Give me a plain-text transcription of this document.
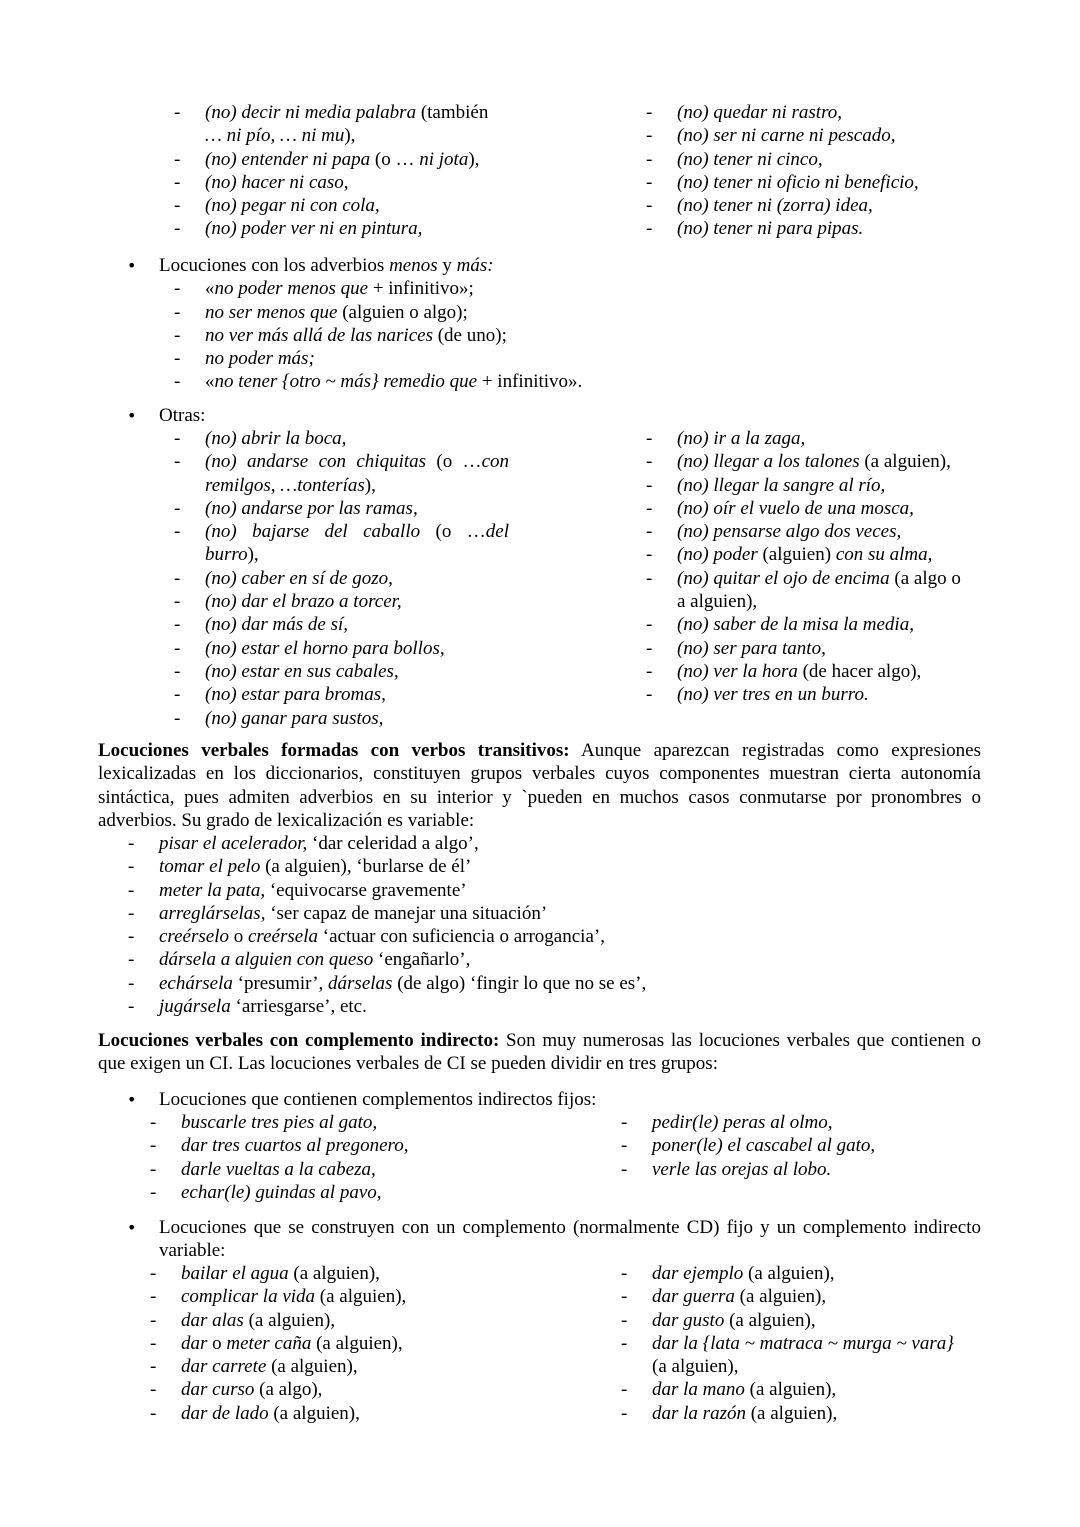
- (no) decir ni media palabra (también
… ni pío, … ni mu),
- (no) entender ni papa (o … ni jota),
- (no) hacer ni caso,
- (no) pegar ni con cola,
- (no) poder ver ni en pintura,
- (no) quedar ni rastro,
- (no) ser ni carne ni pescado,
- (no) tener ni cinco,
- (no) tener ni oficio ni beneficio,
- (no) tener ni (zorra) idea,
- (no) tener ni para pipas.
• Locuciones con los adverbios menos y más:
- «no poder menos que + infinitivo»;
- no ser menos que (alguien o algo);
- no ver más allá de las narices (de uno);
- no poder más;
- «no tener {otro ~ más} remedio que + infinitivo».
• Otras:
- (no) abrir la boca,
- (no) andarse con chiquitas (o …con
remilgos, …tonterías),
- (no) andarse por las ramas,
- (no) bajarse del caballo (o …del
burro),
- (no) caber en sí de gozo,
- (no) dar el brazo a torcer,
- (no) dar más de sí,
- (no) estar el horno para bollos,
- (no) estar en sus cabales,
- (no) estar para bromas,
- (no) ganar para sustos,
- (no) ir a la zaga,
- (no) llegar a los talones (a alguien),
- (no) llegar la sangre al río,
- (no) oír el vuelo de una mosca,
- (no) pensarse algo dos veces,
- (no) poder (alguien) con su alma,
- (no) quitar el ojo de encima (a algo o
a alguien),
- (no) saber de la misa la media,
- (no) ser para tanto,
- (no) ver la hora (de hacer algo),
- (no) ver tres en un burro.
Locuciones verbales formadas con verbos transitivos: Aunque aparezcan registradas como expresiones lexicalizadas en los diccionarios, constituyen grupos verbales cuyos componentes muestran cierta autonomía sintáctica, pues admiten adverbios en su interior y `pueden en muchos casos conmutarse por pronombres o adverbios. Su grado de lexicalización es variable:
- pisar el acelerador, ‘dar celeridad a algo’,
- tomar el pelo (a alguien), ‘burlarse de él’
- meter la pata, ‘equivocarse gravemente’
- arreglárselas, ‘ser capaz de manejar una situación’
- creérselo o creérsela ‘actuar con suficiencia o arrogancia’,
- dársela a alguien con queso ‘engañarlo’,
- echársela ‘presumir’, dárselas (de algo) ‘fingir lo que no se es’,
- jugársela ‘arriesgarse’, etc.
Locuciones verbales con complemento indirecto: Son muy numerosas las locuciones verbales que contienen o que exigen un CI. Las locuciones verbales de CI se pueden dividir en tres grupos:
• Locuciones que contienen complementos indirectos fijos:
- buscarle tres pies al gato,
- dar tres cuartos al pregonero,
- darle vueltas a la cabeza,
- echar(le) guindas al pavo,
- pedir(le) peras al olmo,
- poner(le) el cascabel al gato,
- verle las orejas al lobo.
• Locuciones que se construyen con un complemento (normalmente CD) fijo y un complemento indirecto variable:
- bailar el agua (a alguien),
- complicar la vida (a alguien),
- dar alas (a alguien),
- dar o meter caña (a alguien),
- dar carrete (a alguien),
- dar curso (a algo),
- dar de lado (a alguien),
- dar ejemplo (a alguien),
- dar guerra (a alguien),
- dar gusto (a alguien),
- dar la {lata ~ matraca ~ murga ~ vara}
(a alguien),
- dar la mano (a alguien),
- dar la razón (a alguien),
